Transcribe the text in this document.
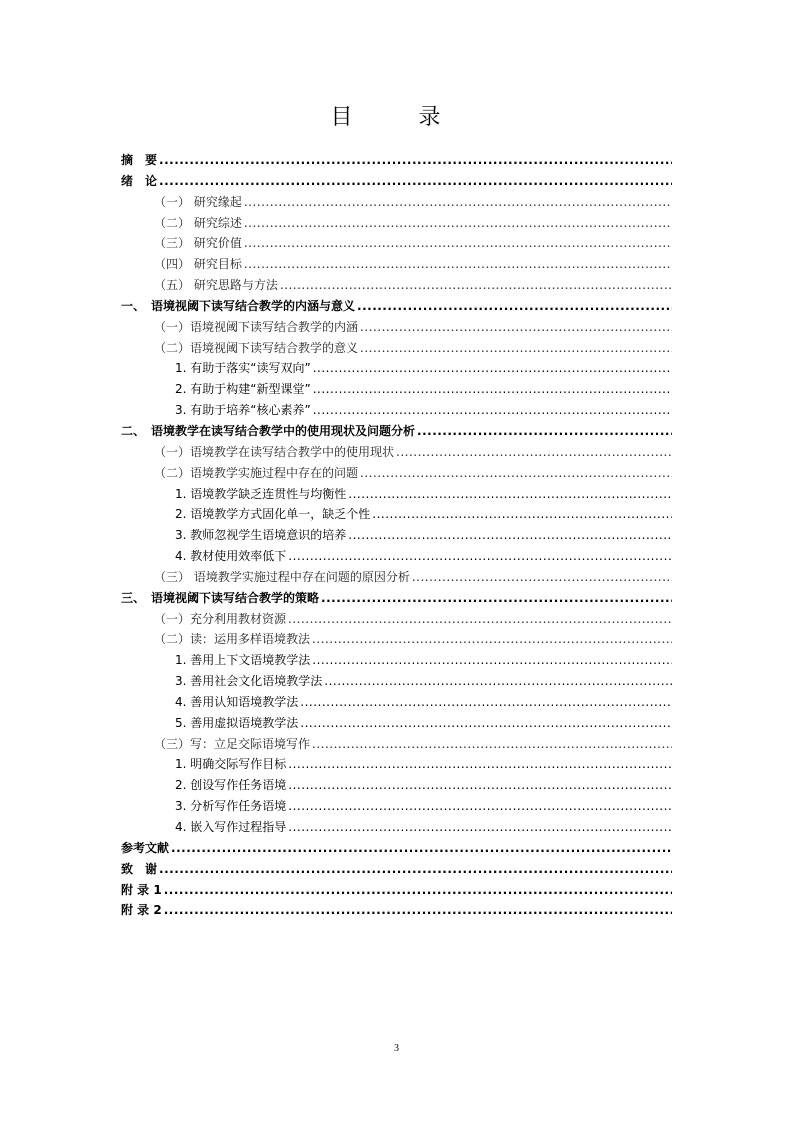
目　录
摘　要
.....
绪　论
.....
（一） 研究缘起
.....
（二） 研究综述
.....
（三） 研究价值
.....
（四） 研究目标
.....
（五） 研究思路与方法
.....
一、　语境视阈下读写结合教学的内涵与意义
.....
（一）语境视阈下读写结合教学的内涵
.....
（二）语境视阈下读写结合教学的意义
.....
1. 有助于落实“读写双向”
.....
2. 有助于构建“新型课堂”
.....
3. 有助于培养“核心素养”
.....
二、　语境教学在读写结合教学中的使用现状及问题分析
.....
（一）语境教学在读写结合教学中的使用现状
.....
（二）语境教学实施过程中存在的问题
.....
1. 语境教学缺乏连贯性与均衡性
.....
2. 语境教学方式固化单一，缺乏个性
.....
3. 教师忽视学生语境意识的培养
.....
4. 教材使用效率低下
.....
（三） 语境教学实施过程中存在问题的原因分析
.....
三、　语境视阈下读写结合教学的策略
.....
（一）充分利用教材资源
.....
（二）读：运用多样语境教法
.....
1. 善用上下文语境教学法
.....
3. 善用社会文化语境教学法
.....
4. 善用认知语境教学法
.....
5. 善用虚拟语境教学法
.....
（三）写：立足交际语境写作
.....
1. 明确交际写作目标
.....
2. 创设写作任务语境
.....
3. 分析写作任务语境
.....
4. 嵌入写作过程指导
.....
参考文献
.....
致　谢
.....
附 录 1
.....
附 录 2
.....
3
